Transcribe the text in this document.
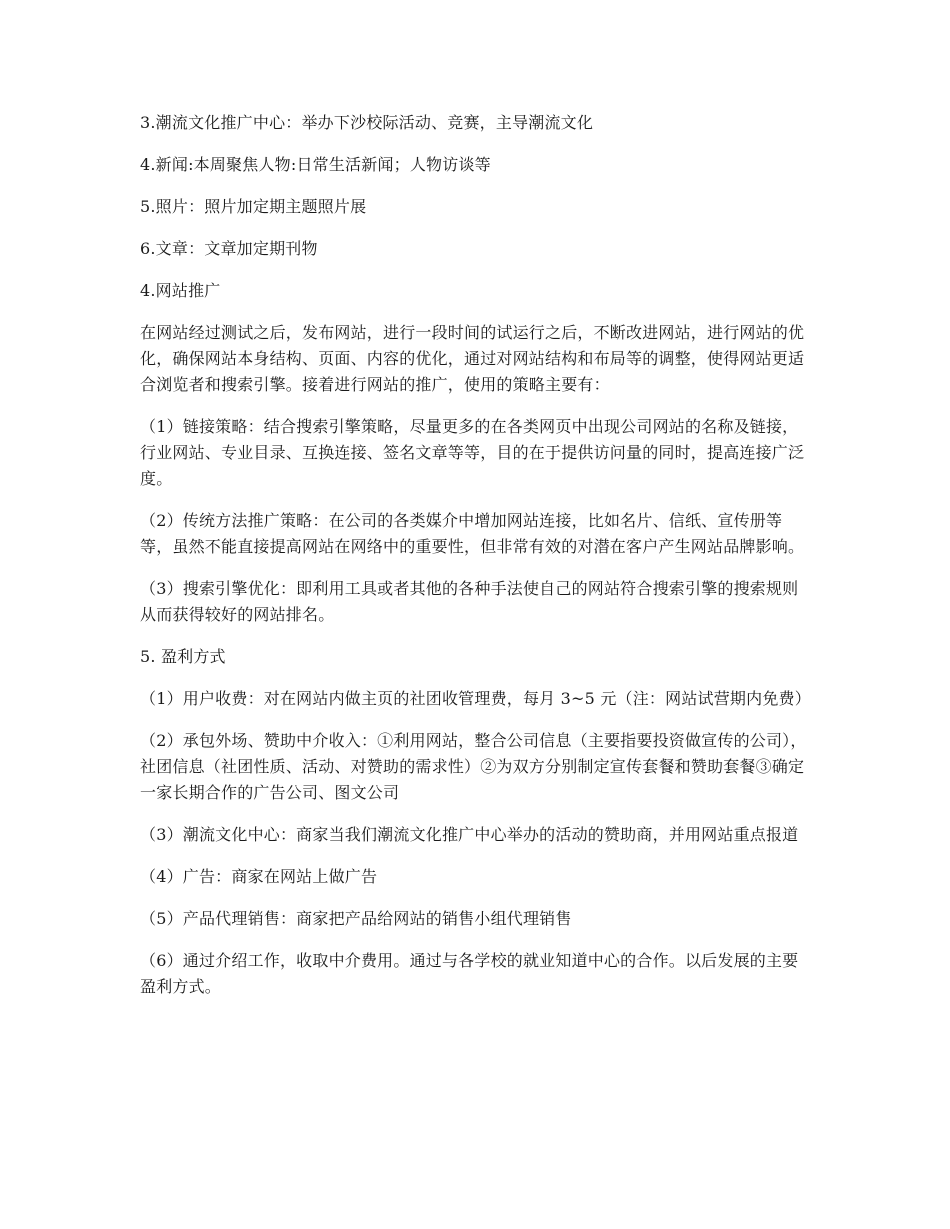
3.潮流文化推广中心：举办下沙校际活动、竞赛，主导潮流文化

4.新闻:本周聚焦人物:日常生活新闻；人物访谈等

5.照片：照片加定期主题照片展

6.文章：文章加定期刊物

4.网站推广

在网站经过测试之后，发布网站，进行一段时间的试运行之后，不断改进网站，进行网站的优化，确保网站本身结构、页面、内容的优化，通过对网站结构和布局等的调整，使得网站更适合浏览者和搜索引擎。接着进行网站的推广，使用的策略主要有：

（1）链接策略：结合搜索引擎策略，尽量更多的在各类网页中出现公司网站的名称及链接，行业网站、专业目录、互换连接、签名文章等等，目的在于提供访问量的同时，提高连接广泛度。

（2）传统方法推广策略：在公司的各类媒介中增加网站连接，比如名片、信纸、宣传册等等，虽然不能直接提高网站在网络中的重要性，但非常有效的对潜在客户产生网站品牌影响。

（3）搜索引擎优化：即利用工具或者其他的各种手法使自己的网站符合搜索引擎的搜索规则从而获得较好的网站排名。

5. 盈利方式

（1）用户收费：对在网站内做主页的社团收管理费，每月 3~5 元（注：网站试营期内免费）

（2）承包外场、赞助中介收入：①利用网站，整合公司信息（主要指要投资做宣传的公司），社团信息（社团性质、活动、对赞助的需求性）②为双方分别制定宣传套餐和赞助套餐③确定一家长期合作的广告公司、图文公司

（3）潮流文化中心：商家当我们潮流文化推广中心举办的活动的赞助商，并用网站重点报道

（4）广告：商家在网站上做广告

（5）产品代理销售：商家把产品给网站的销售小组代理销售

（6）通过介绍工作，收取中介费用。通过与各学校的就业知道中心的合作。以后发展的主要盈利方式。
